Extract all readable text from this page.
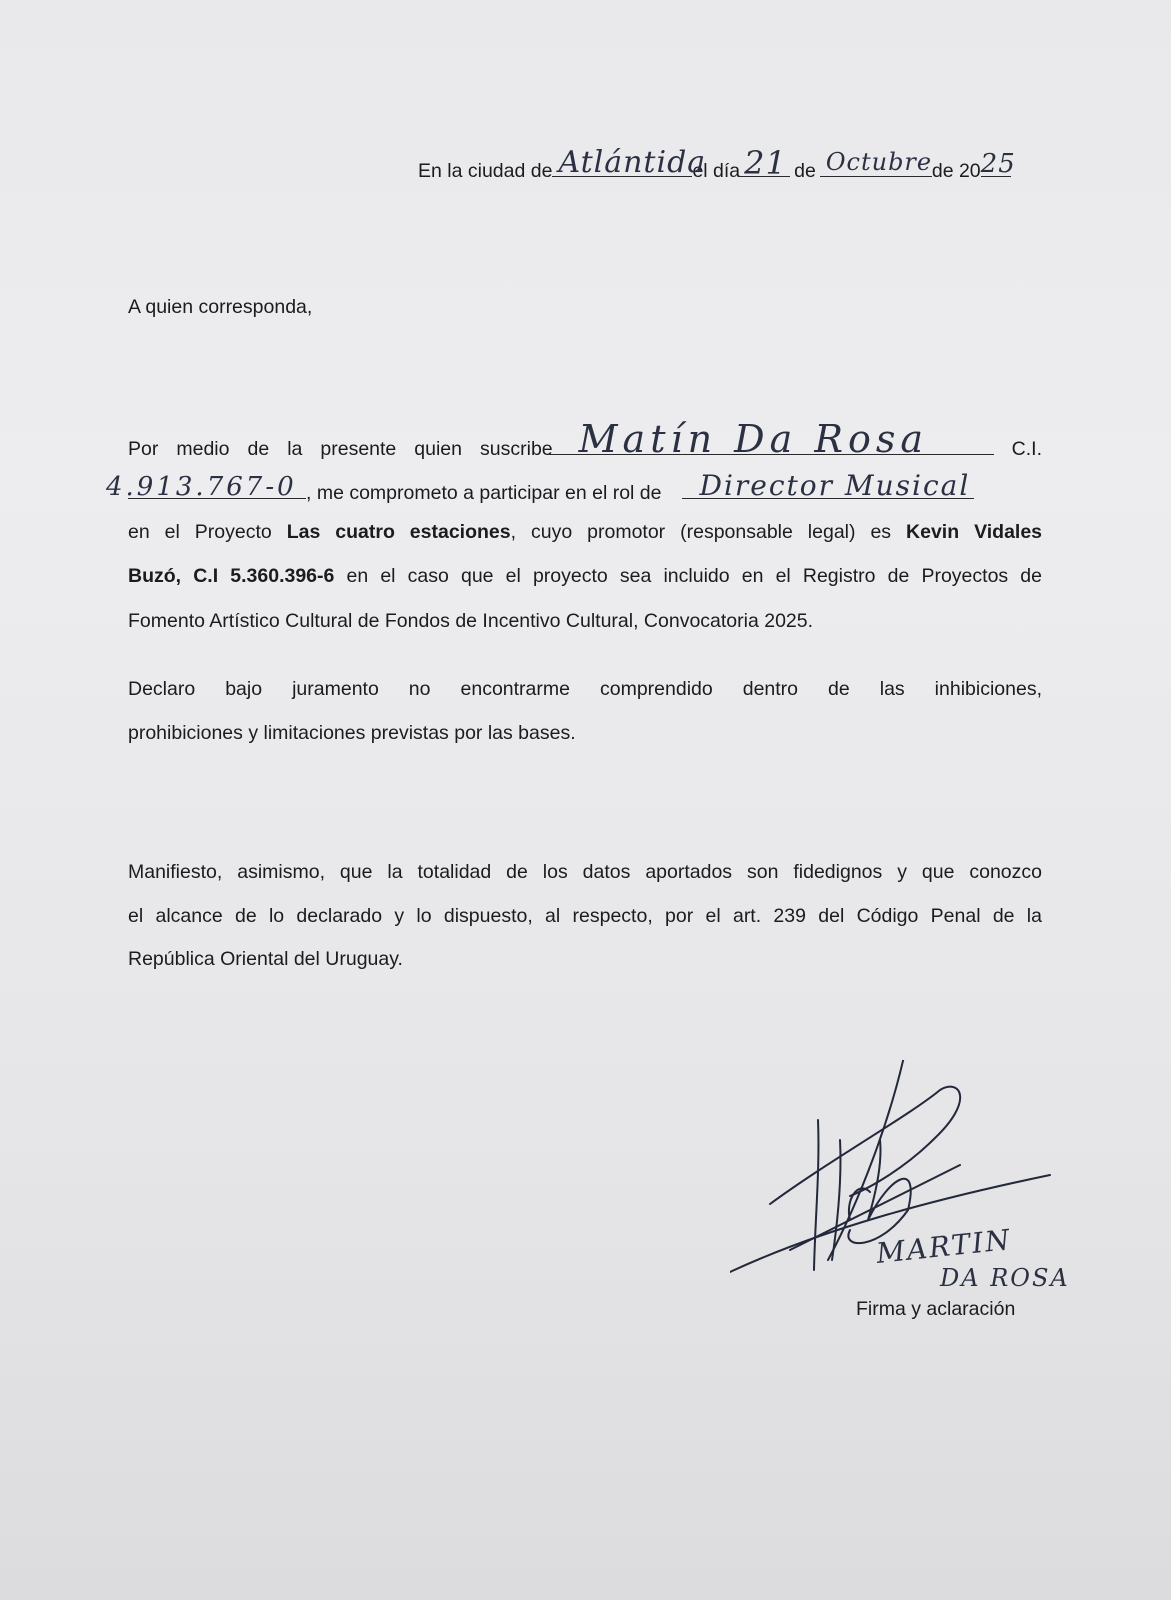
En la ciudad de Atlántida
el día 21 de Octubre de 20 25
A quien corresponda,
Por medio de la presente quien suscribe Matín Da Rosa	C.I.
4.913.767-0 , me comprometo a participar en el rol de Director Musical
en el Proyecto Las cuatro estaciones, cuyo promotor (responsable legal) es Kevin Vidales
Buzó, C.I 5.360.396-6 en el caso que el proyecto sea incluido en el Registro de Proyectos de
Fomento Artístico Cultural de Fondos de Incentivo Cultural, Convocatoria 2025.
Declaro bajo juramento no encontrarme comprendido dentro de las inhibiciones,
prohibiciones y limitaciones previstas por las bases.
Manifiesto, asimismo, que la totalidad de los datos aportados son fidedignos y que conozco
el alcance de lo declarado y lo dispuesto, al respecto, por el art. 239 del Código Penal de la
República Oriental del Uruguay.
MARTIN
DA ROSA
Firma y aclaración
